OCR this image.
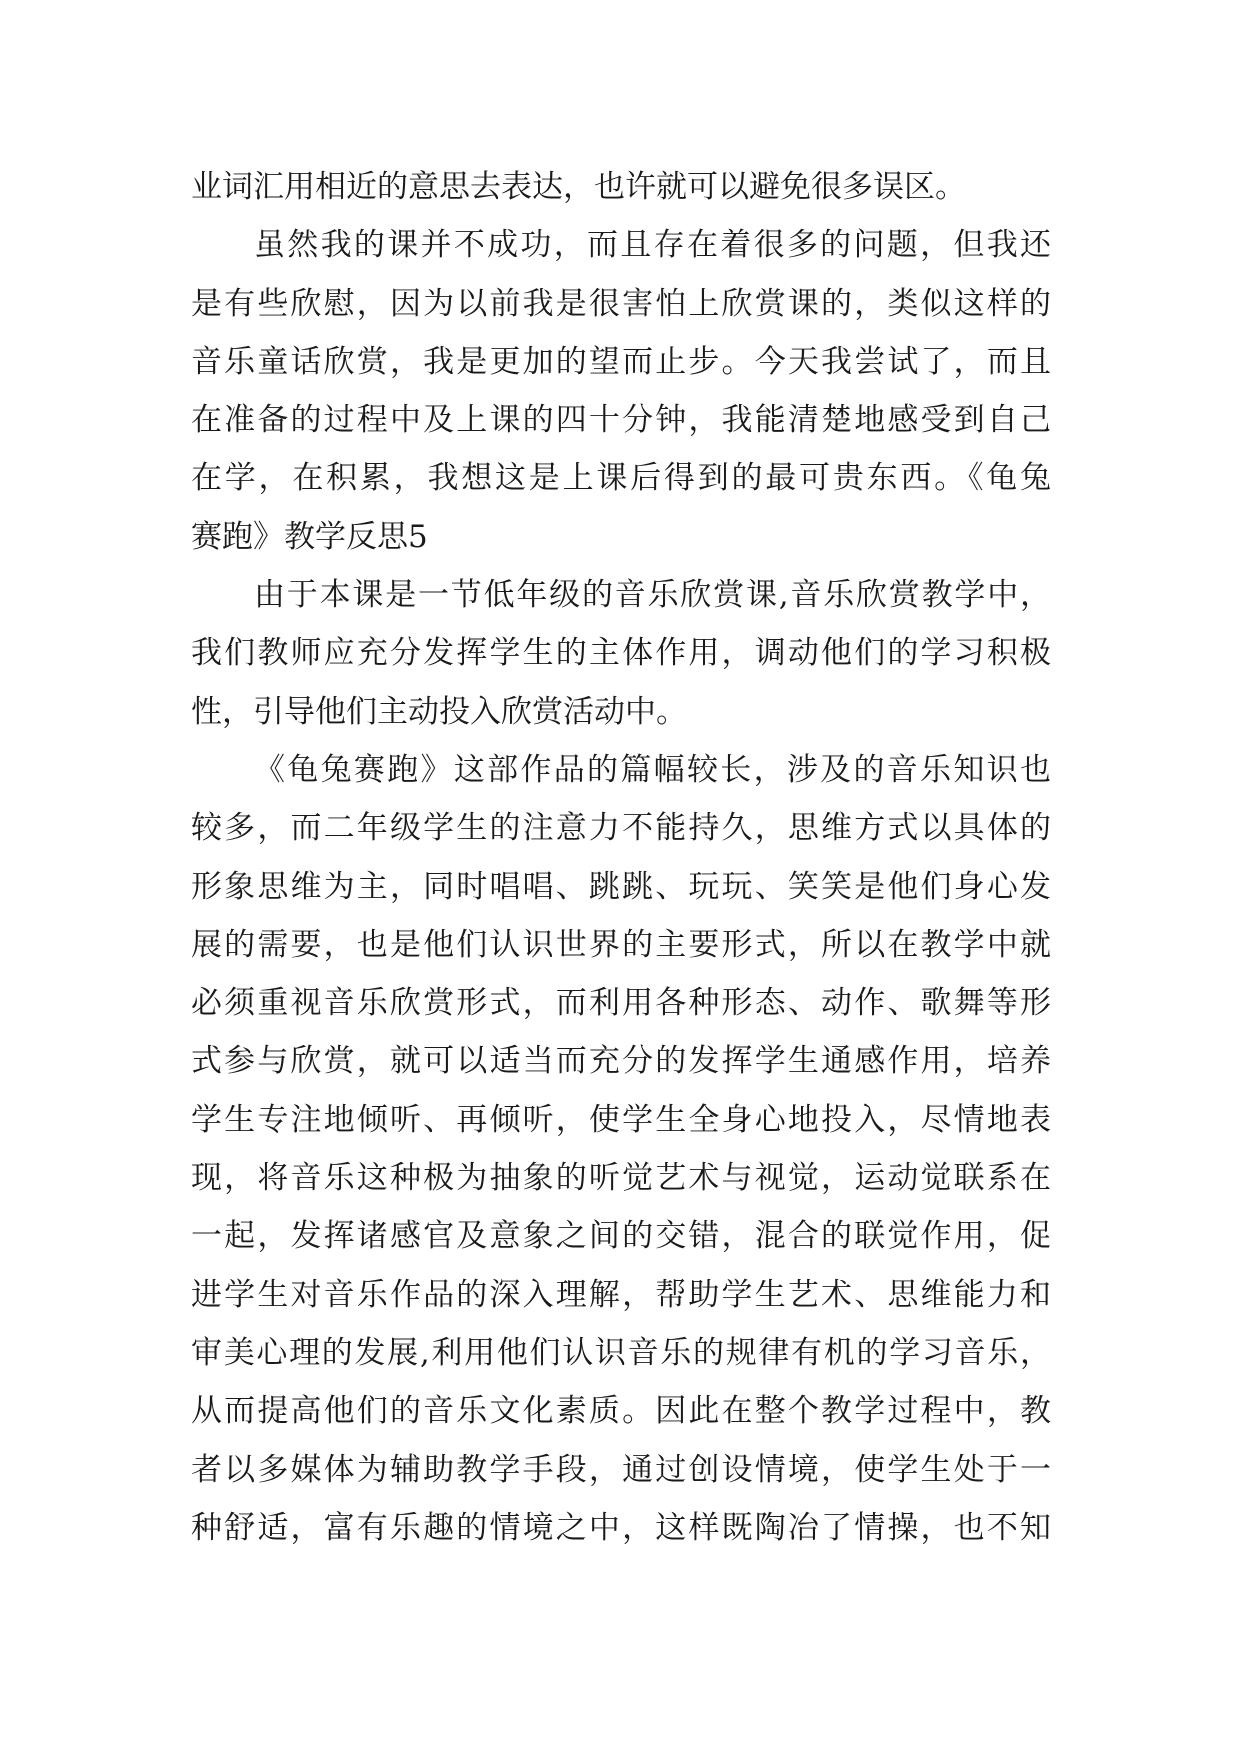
业词汇用相近的意思去表达，也许就可以避免很多误区。
虽然我的课并不成功，而且存在着很多的问题，但我还
是有些欣慰，因为以前我是很害怕上欣赏课的，类似这样的
音乐童话欣赏，我是更加的望而止步。今天我尝试了，而且
在准备的过程中及上课的四十分钟，我能清楚地感受到自己
在学，在积累，我想这是上课后得到的最可贵东西。《龟兔
赛跑》教学反思5
由于本课是一节低年级的音乐欣赏课,音乐欣赏教学中，
我们教师应充分发挥学生的主体作用，调动他们的学习积极
性，引导他们主动投入欣赏活动中。
《龟兔赛跑》这部作品的篇幅较长，涉及的音乐知识也
较多，而二年级学生的注意力不能持久，思维方式以具体的
形象思维为主，同时唱唱、跳跳、玩玩、笑笑是他们身心发
展的需要，也是他们认识世界的主要形式，所以在教学中就
必须重视音乐欣赏形式，而利用各种形态、动作、歌舞等形
式参与欣赏，就可以适当而充分的发挥学生通感作用，培养
学生专注地倾听、再倾听，使学生全身心地投入，尽情地表
现，将音乐这种极为抽象的听觉艺术与视觉，运动觉联系在
一起，发挥诸感官及意象之间的交错，混合的联觉作用，促
进学生对音乐作品的深入理解，帮助学生艺术、思维能力和
审美心理的发展,利用他们认识音乐的规律有机的学习音乐，
从而提高他们的音乐文化素质。因此在整个教学过程中，教
者以多媒体为辅助教学手段，通过创设情境，使学生处于一
种舒适，富有乐趣的情境之中，这样既陶冶了情操，也不知
